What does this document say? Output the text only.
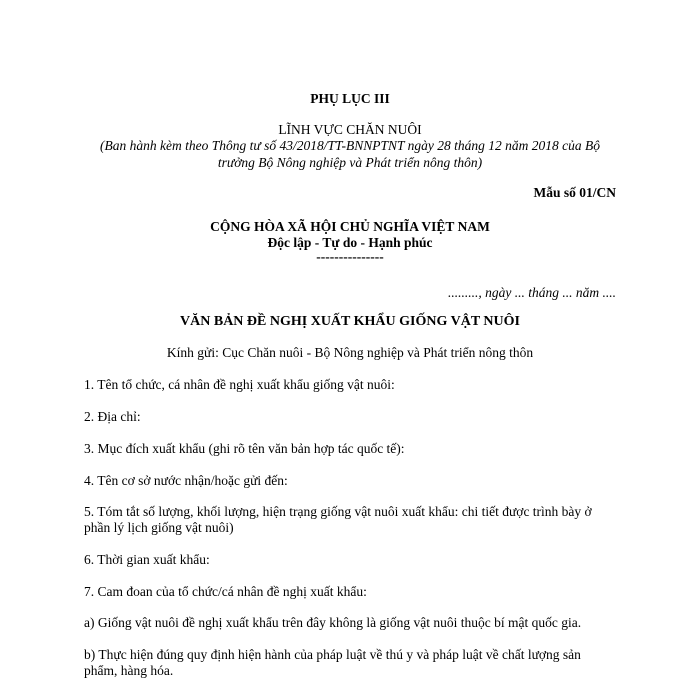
PHỤ LỤC III
LĨNH VỰC CHĂN NUÔI
(Ban hành kèm theo Thông tư số 43/2018/TT-BNNPTNT ngày 28 tháng 12 năm 2018 của Bộ
trưởng Bộ Nông nghiệp và Phát triển nông thôn)
Mẫu số 01/CN
CỘNG HÒA XÃ HỘI CHỦ NGHĨA VIỆT NAM
Độc lập - Tự do - Hạnh phúc
---------------
........., ngày ... tháng ... năm ....
VĂN BẢN ĐỀ NGHỊ XUẤT KHẨU GIỐNG VẬT NUÔI
Kính gửi: Cục Chăn nuôi - Bộ Nông nghiệp và Phát triển nông thôn
1. Tên tổ chức, cá nhân đề nghị xuất khẩu giống vật nuôi:
2. Địa chỉ:
3. Mục đích xuất khẩu (ghi rõ tên văn bản hợp tác quốc tế):
4. Tên cơ sở nước nhận/hoặc gửi đến:
5. Tóm tắt số lượng, khối lượng, hiện trạng giống vật nuôi xuất khẩu: chi tiết được trình bày ở
phần lý lịch giống vật nuôi)
6. Thời gian xuất khẩu:
7. Cam đoan của tổ chức/cá nhân đề nghị xuất khẩu:
a) Giống vật nuôi đề nghị xuất khẩu trên đây không là giống vật nuôi thuộc bí mật quốc gia.
b) Thực hiện đúng quy định hiện hành của pháp luật về thú y và pháp luật về chất lượng sản
phẩm, hàng hóa.
